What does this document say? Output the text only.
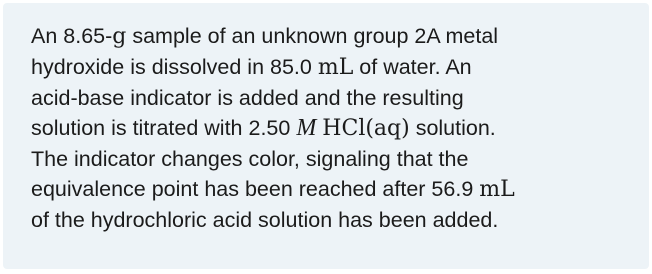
An 8.65-g sample of an unknown group 2A metal
hydroxide is dissolved in 85.0 mL of water. An
acid-base indicator is added and the resulting
solution is titrated with 2.50 M HCl(aq) solution.
The indicator changes color, signaling that the
equivalence point has been reached after 56.9 mL
of the hydrochloric acid solution has been added.
